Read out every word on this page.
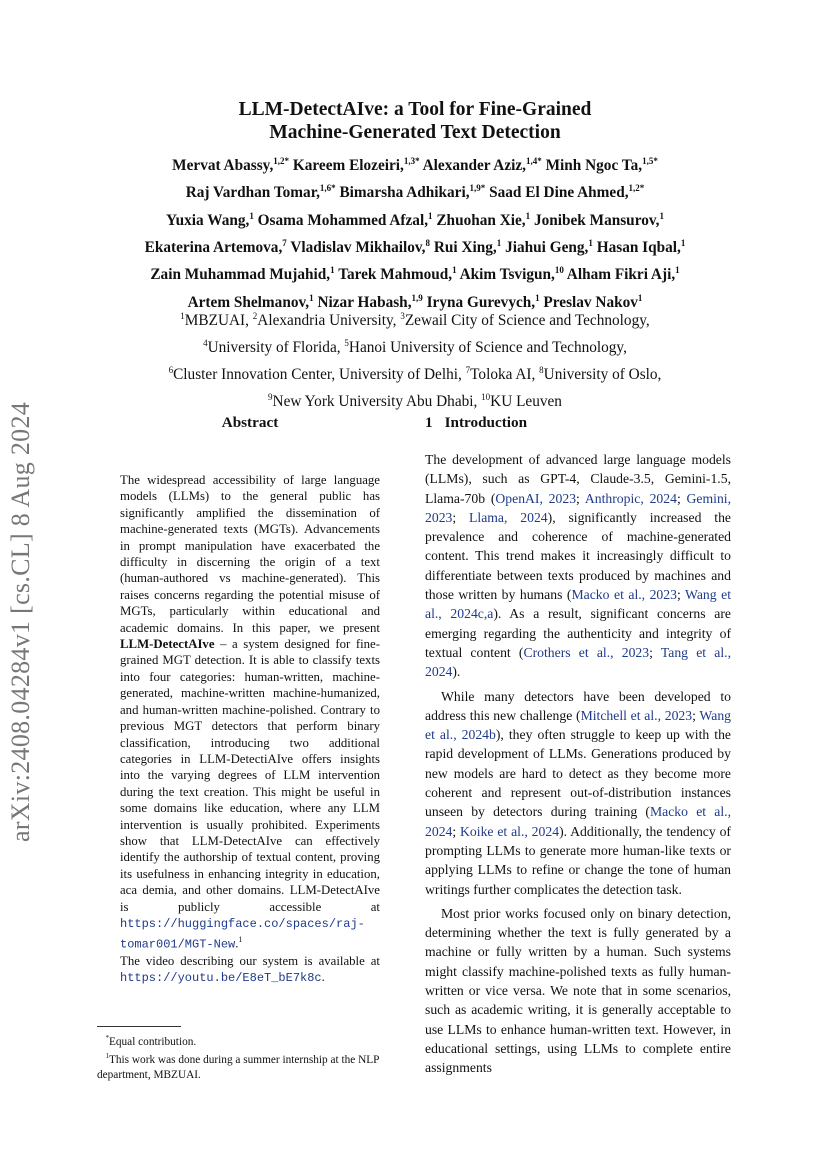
arXiv:2408.04284v1 [cs.CL] 8 Aug 2024
LLM-DetectAIve: a Tool for Fine-Grained
Machine-Generated Text Detection
Mervat Abassy,$^{1,2*}$ Kareem Elozeiri,$^{1,3*}$ Alexander Aziz,$^{1,4*}$ Minh Ngoc Ta,$^{1,5*}$
Raj Vardhan Tomar,$^{1,6*}$ Bimarsha Adhikari,$^{1,9*}$ Saad El Dine Ahmed,$^{1,2*}$
Yuxia Wang,$^1$ Osama Mohammed Afzal,$^1$ Zhuohan Xie,$^1$ Jonibek Mansurov,$^1$
Ekaterina Artemova,$^7$ Vladislav Mikhailov,$^8$ Rui Xing,$^1$ Jiahui Geng,$^1$ Hasan Iqbal,$^1$
Zain Muhammad Mujahid,$^1$ Tarek Mahmoud,$^1$ Akim Tsvigun,$^{10}$ Alham Fikri Aji,$^1$
Artem Shelmanov,$^1$ Nizar Habash,$^{1,9}$ Iryna Gurevych,$^1$ Preslav Nakov$^1$
$^1$MBZUAI, $^2$Alexandria University, $^3$Zewail City of Science and Technology,
$^4$University of Florida, $^5$Hanoi University of Science and Technology,
$^6$Cluster Innovation Center, University of Delhi, $^7$Toloka AI, $^8$University of Oslo,
$^9$New York University Abu Dhabi, $^{10}$KU Leuven
Abstract
The widespread accessibility of large language models (LLMs) to the general public has significantly amplified the dissemination of machine-generated texts (MGTs). Advancements in prompt manipulation have exacerbated the difficulty in discerning the origin of a text (human-authored vs machine-generated). This raises concerns regarding the potential misuse of MGTs, particularly within educational and academic domains. In this paper, we present LLM-DetectAIve – a system designed for fine-grained MGT detection. It is able to classify texts into four categories: human-written, machine-generated, machine-written machine-humanized, and human-written machine-polished. Contrary to previous MGT detectors that perform binary classification, introducing two additional categories in LLM-DetectiAIve offers insights into the varying degrees of LLM intervention during the text creation. This might be useful in some domains like education, where any LLM intervention is usually prohibited. Experiments show that LLM-DetectAIve can effectively identify the authorship of textual content, proving its usefulness in enhancing integrity in education, aca demia, and other domains. LLM-DetectAIve is publicly accessible at https://huggingface.co/spaces/raj-tomar001/MGT-New.$^1$
The video describing our system is available at https://youtu.be/E8eT_bE7k8c.

*Equal contribution.

$^1$This work was done during a summer internship at the NLP department, MBZUAI.

1 Introduction

The development of advanced large language models (LLMs), such as GPT-4, Claude-3.5, Gemini-1.5, Llama-70b (OpenAI, 2023; Anthropic, 2024; Gemini, 2023; Llama, 2024), significantly increased the prevalence and coherence of machine-generated content. This trend makes it increasingly difficult to differentiate between texts produced by machines and those written by humans (Macko et al., 2023; Wang et al., 2024c,a). As a result, significant concerns are emerging regarding the authenticity and integrity of textual content (Crothers et al., 2023; Tang et al., 2024).

While many detectors have been developed to address this new challenge (Mitchell et al., 2023; Wang et al., 2024b), they often struggle to keep up with the rapid development of LLMs. Generations produced by new models are hard to detect as they become more coherent and represent out-of-distribution instances unseen by detectors during training (Macko et al., 2024; Koike et al., 2024). Additionally, the tendency of prompting LLMs to generate more human-like texts or applying LLMs to refine or change the tone of human writings further complicates the detection task.

Most prior works focused only on binary detection, determining whether the text is fully generated by a machine or fully written by a human. Such systems might classify machine-polished texts as fully human-written or vice versa. We note that in some scenarios, such as academic writing, it is generally acceptable to use LLMs to enhance human-written text. However, in educational settings, using LLMs to complete entire assignments
